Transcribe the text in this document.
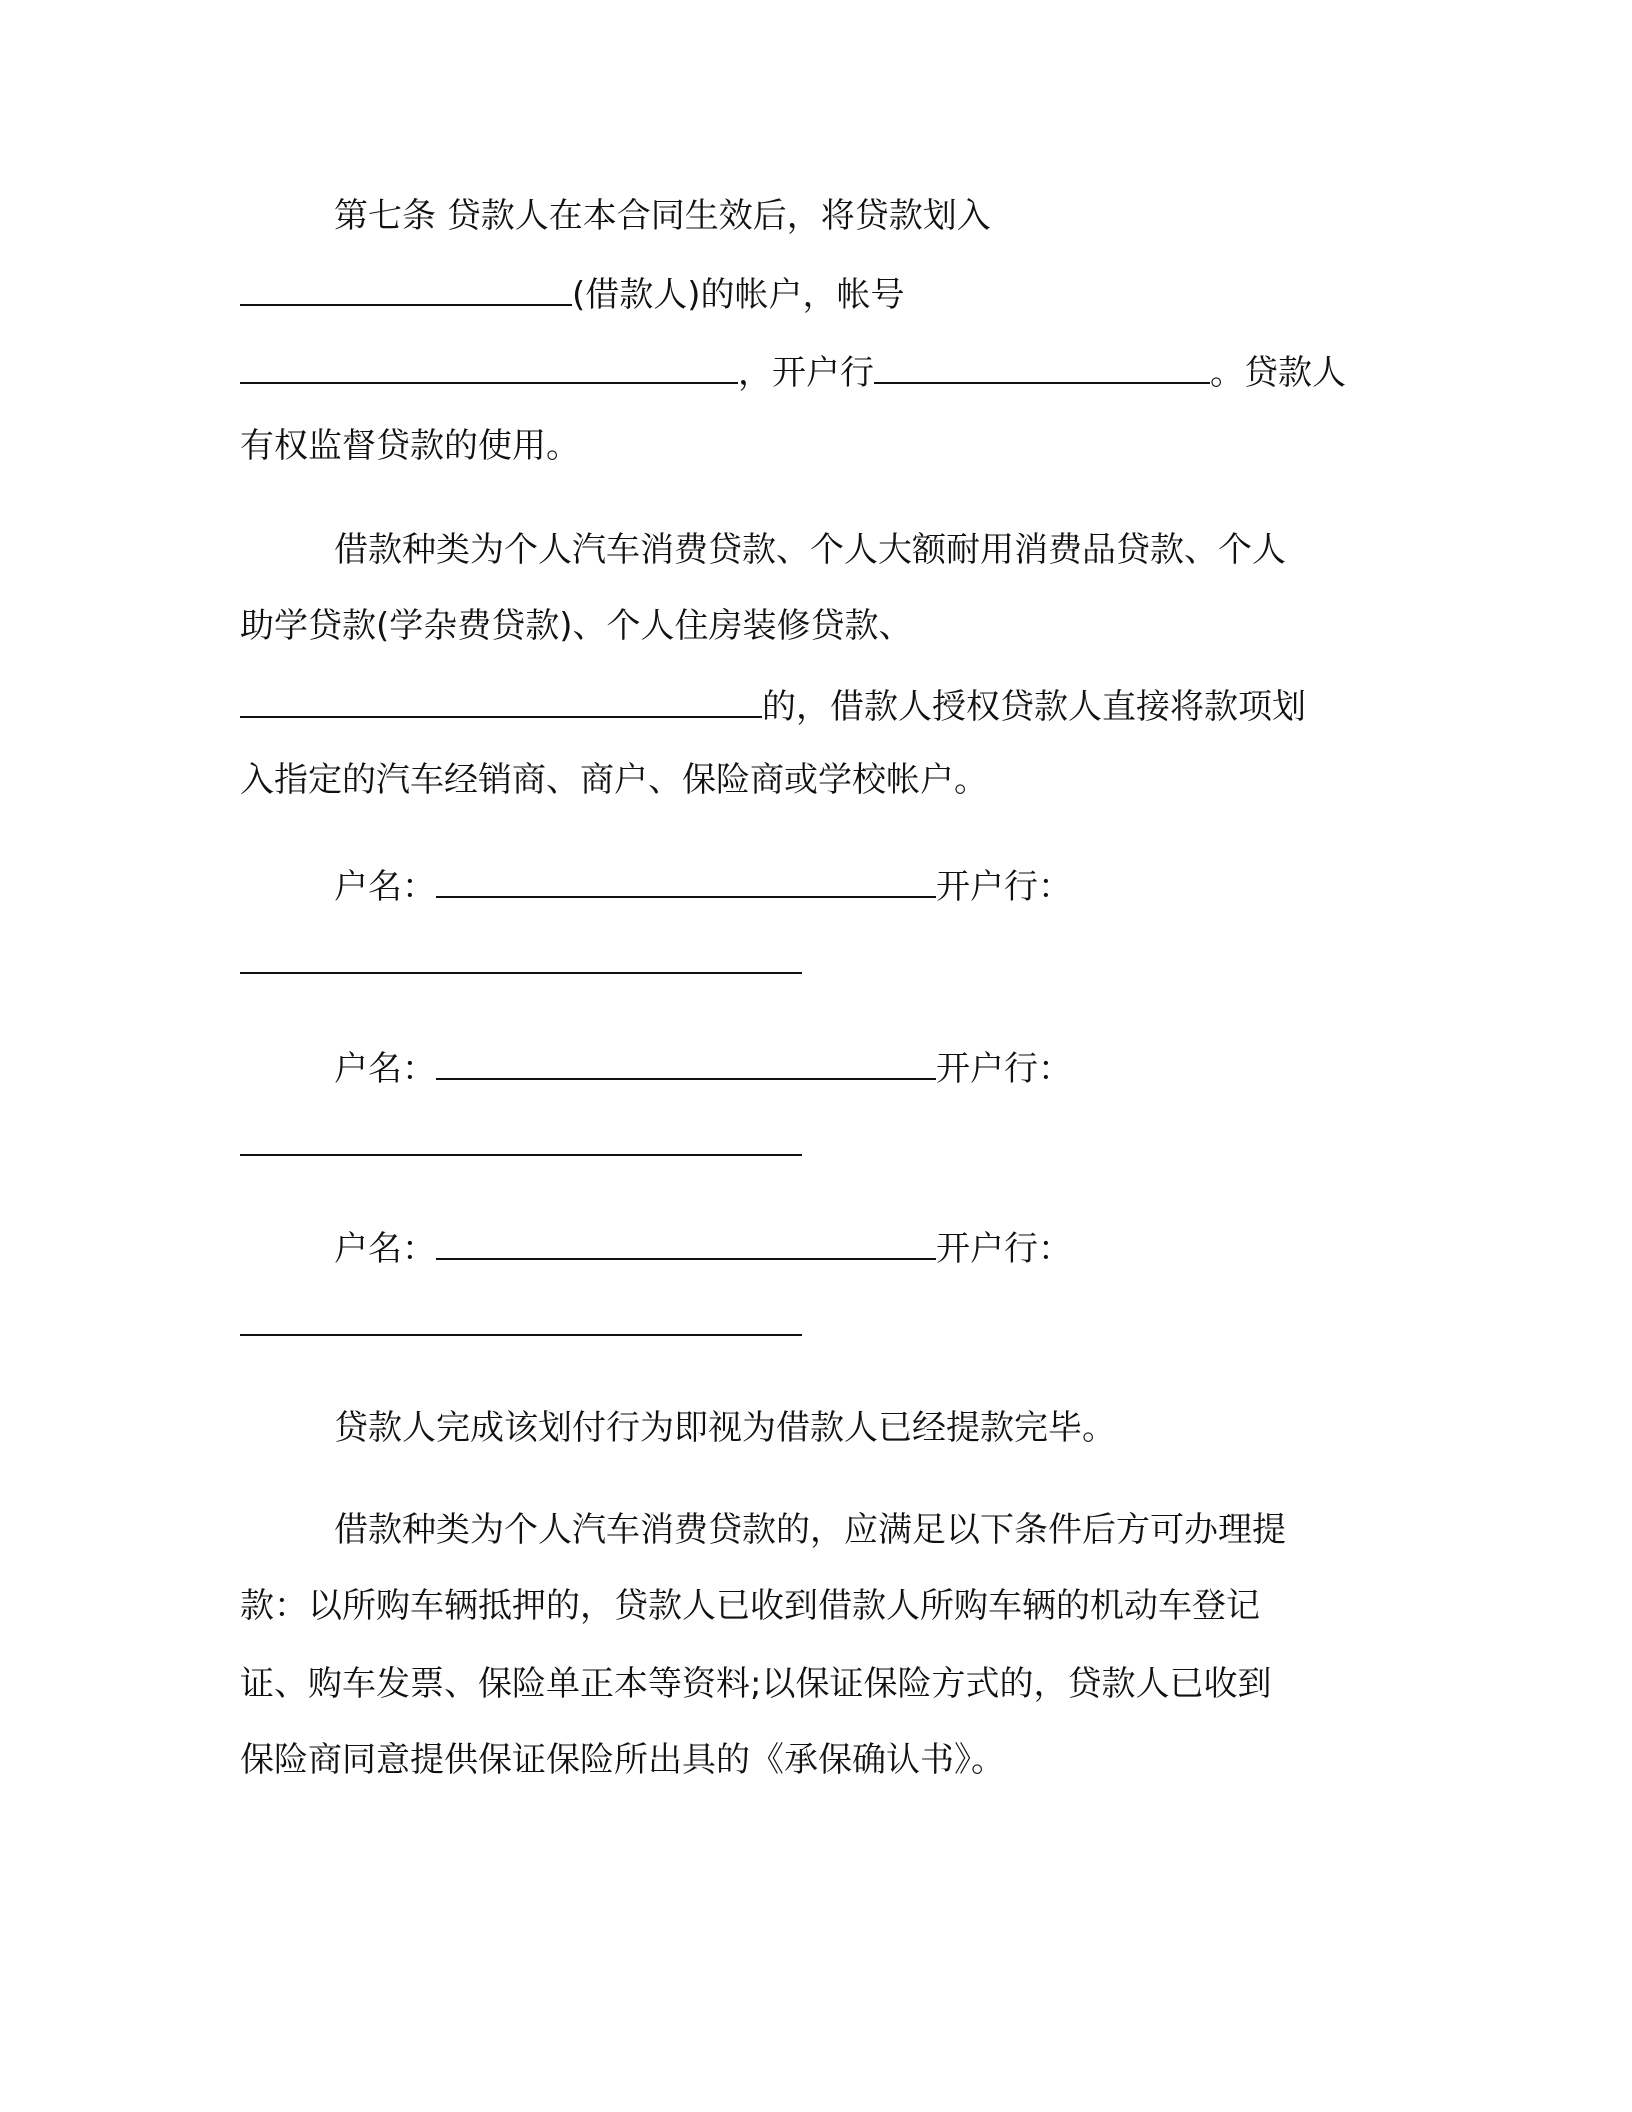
第七条 贷款人在本合同生效后，将贷款划入
(借款人)的帐户，帐号
，开户行	。贷款人
有权监督贷款的使用。
借款种类为个人汽车消费贷款、个人大额耐用消费品贷款、个人
助学贷款(学杂费贷款)、个人住房装修贷款、
的，借款人授权贷款人直接将款项划
入指定的汽车经销商、商户、保险商或学校帐户。
户名：	开户行：
户名：	开户行：
户名：	开户行：
贷款人完成该划付行为即视为借款人已经提款完毕。
借款种类为个人汽车消费贷款的，应满足以下条件后方可办理提
款：以所购车辆抵押的，贷款人已收到借款人所购车辆的机动车登记
证、购车发票、保险单正本等资料;以保证保险方式的，贷款人已收到
保险商同意提供保证保险所出具的《承保确认书》。
